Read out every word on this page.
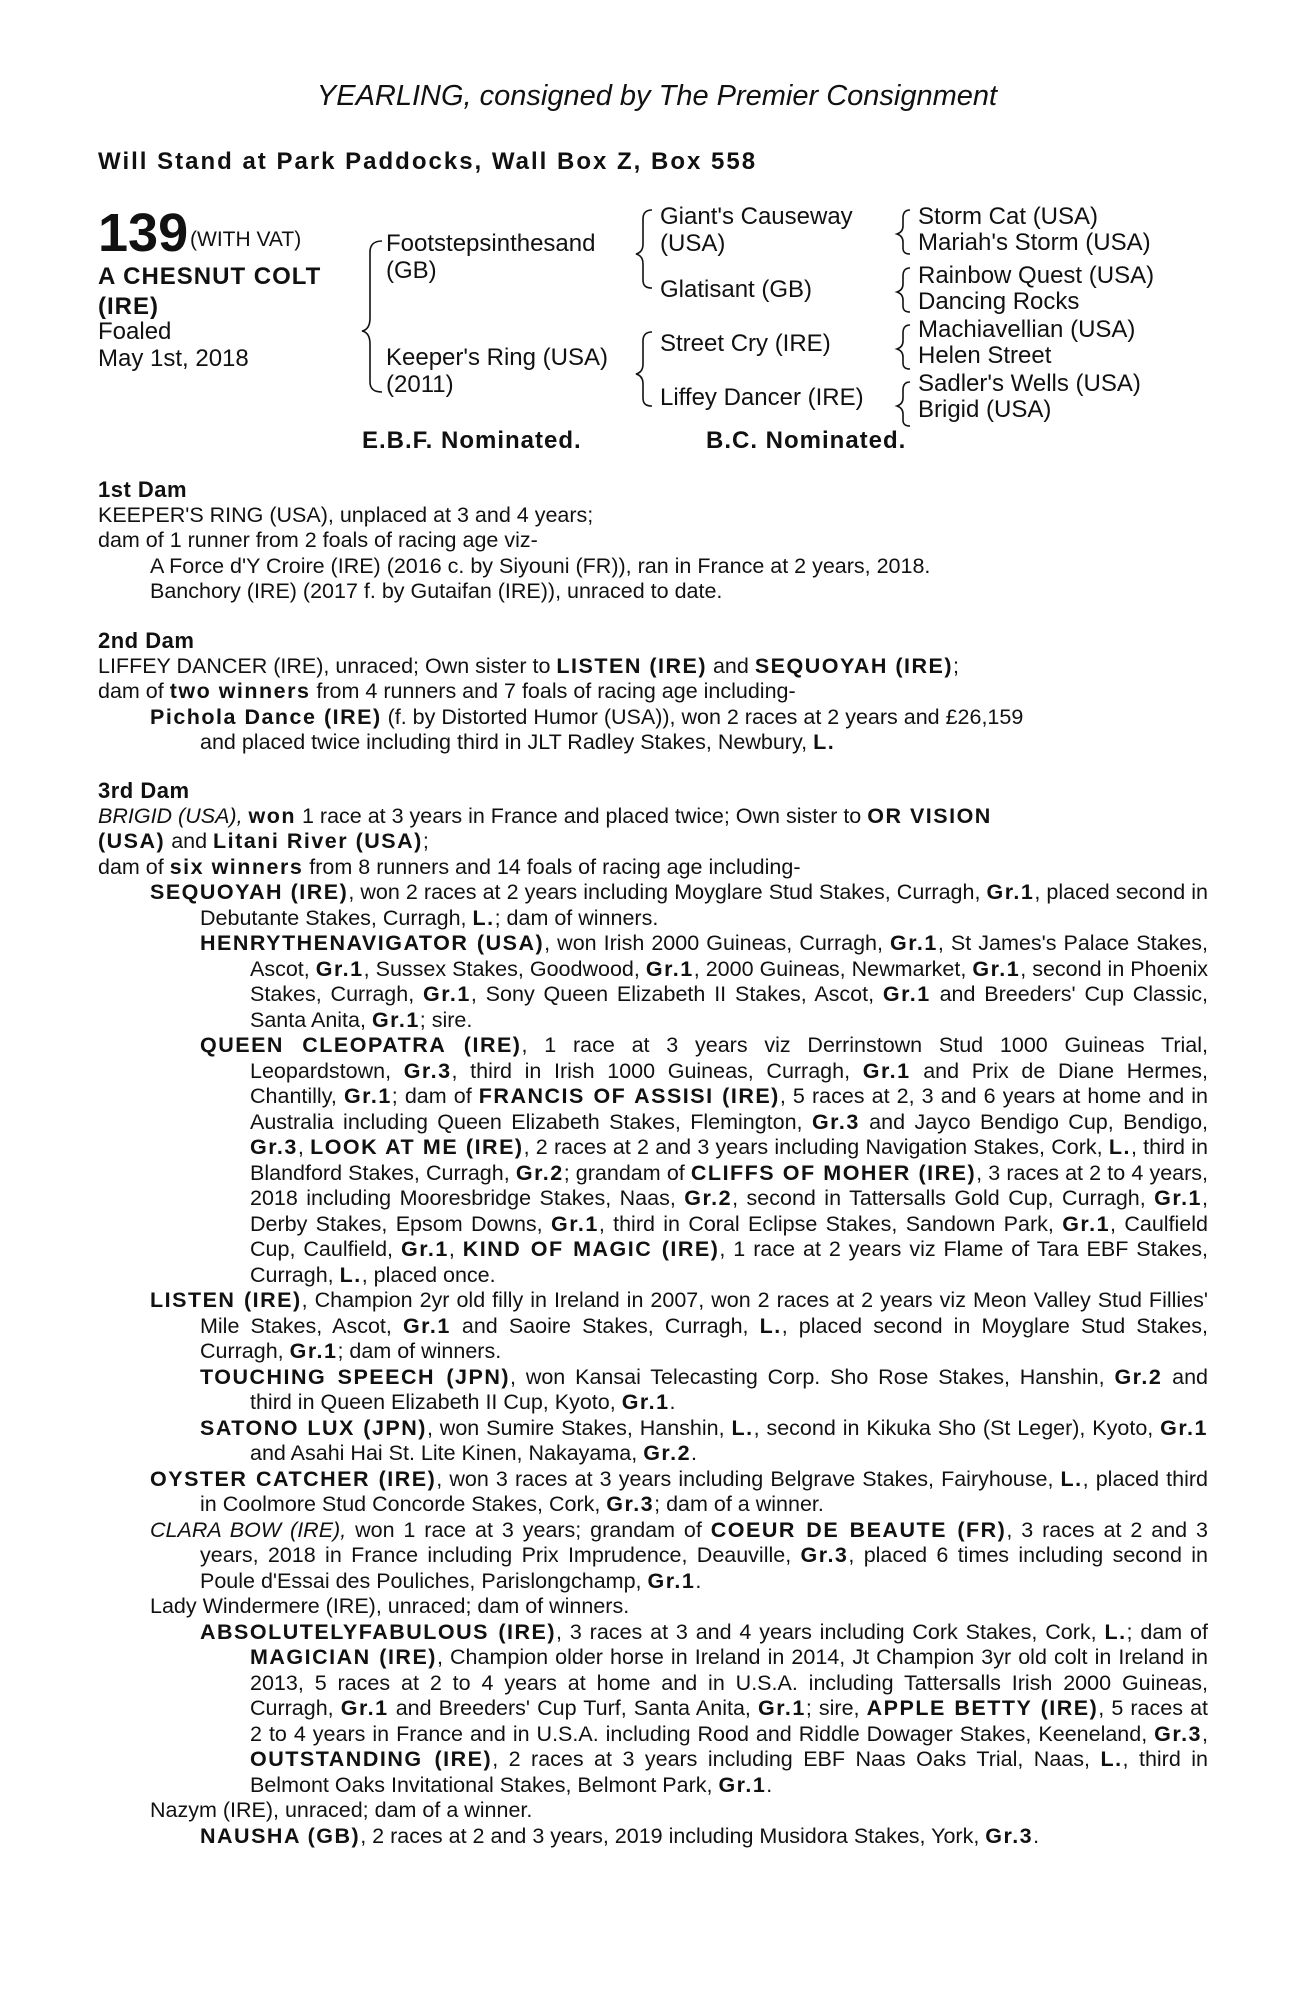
YEARLING, consigned by The Premier Consignment
Will Stand at Park Paddocks, Wall Box Z, Box 558
139 (WITH VAT)
A CHESNUT COLT (IRE)
Foaled
May 1st, 2018
Footstepsinthesand (GB)
Keeper's Ring (USA) (2011)
Giant's Causeway (USA)
Glatisant (GB)
Street Cry (IRE)
Liffey Dancer (IRE)
Storm Cat (USA)
Mariah's Storm (USA)
Rainbow Quest (USA)
Dancing Rocks
Machiavellian (USA)
Helen Street
Sadler's Wells (USA)
Brigid (USA)
E.B.F. Nominated.	B.C. Nominated.
1st Dam

KEEPER'S RING (USA), unplaced at 3 and 4 years;

dam of 1 runner from 2 foals of racing age viz-

A Force d'Y Croire (IRE) (2016 c. by Siyouni (FR)), ran in France at 2 years, 2018.

Banchory (IRE) (2017 f. by Gutaifan (IRE)), unraced to date.

2nd Dam

LIFFEY DANCER (IRE), unraced; Own sister to LISTEN (IRE) and SEQUOYAH (IRE);

dam of two winners from 4 runners and 7 foals of racing age including-

Pichola Dance (IRE) (f. by Distorted Humor (USA)), won 2 races at 2 years and £26,159
and placed twice including third in JLT Radley Stakes, Newbury, L.

3rd Dam

BRIGID (USA), won 1 race at 3 years in France and placed twice; Own sister to OR VISION
(USA) and Litani River (USA);

dam of six winners from 8 runners and 14 foals of racing age including-

SEQUOYAH (IRE), won 2 races at 2 years including Moyglare Stud Stakes, Curragh, Gr.1, placed second in Debutante Stakes, Curragh, L.; dam of winners.

HENRYTHENAVIGATOR (USA), won Irish 2000 Guineas, Curragh, Gr.1, St James's Palace Stakes, Ascot, Gr.1, Sussex Stakes, Goodwood, Gr.1, 2000 Guineas, Newmarket, Gr.1, second in Phoenix Stakes, Curragh, Gr.1, Sony Queen Elizabeth II Stakes, Ascot, Gr.1 and Breeders' Cup Classic, Santa Anita, Gr.1; sire.

QUEEN CLEOPATRA (IRE), 1 race at 3 years viz Derrinstown Stud 1000 Guineas Trial, Leopardstown, Gr.3, third in Irish 1000 Guineas, Curragh, Gr.1 and Prix de Diane Hermes, Chantilly, Gr.1; dam of FRANCIS OF ASSISI (IRE), 5 races at 2, 3 and 6 years at home and in Australia including Queen Elizabeth Stakes, Flemington, Gr.3 and Jayco Bendigo Cup, Bendigo, Gr.3, LOOK AT ME (IRE), 2 races at 2 and 3 years including Navigation Stakes, Cork, L., third in Blandford Stakes, Curragh, Gr.2; grandam of CLIFFS OF MOHER (IRE), 3 races at 2 to 4 years, 2018 including Mooresbridge Stakes, Naas, Gr.2, second in Tattersalls Gold Cup, Curragh, Gr.1, Derby Stakes, Epsom Downs, Gr.1, third in Coral Eclipse Stakes, Sandown Park, Gr.1, Caulfield Cup, Caulfield, Gr.1, KIND OF MAGIC (IRE), 1 race at 2 years viz Flame of Tara EBF Stakes, Curragh, L., placed once.

LISTEN (IRE), Champion 2yr old filly in Ireland in 2007, won 2 races at 2 years viz Meon Valley Stud Fillies' Mile Stakes, Ascot, Gr.1 and Saoire Stakes, Curragh, L., placed second in Moyglare Stud Stakes, Curragh, Gr.1; dam of winners.

TOUCHING SPEECH (JPN), won Kansai Telecasting Corp. Sho Rose Stakes, Hanshin, Gr.2 and third in Queen Elizabeth II Cup, Kyoto, Gr.1.

SATONO LUX (JPN), won Sumire Stakes, Hanshin, L., second in Kikuka Sho (St Leger), Kyoto, Gr.1 and Asahi Hai St. Lite Kinen, Nakayama, Gr.2.

OYSTER CATCHER (IRE), won 3 races at 3 years including Belgrave Stakes, Fairyhouse, L., placed third in Coolmore Stud Concorde Stakes, Cork, Gr.3; dam of a winner.

CLARA BOW (IRE), won 1 race at 3 years; grandam of COEUR DE BEAUTE (FR), 3 races at 2 and 3 years, 2018 in France including Prix Imprudence, Deauville, Gr.3, placed 6 times including second in Poule d'Essai des Pouliches, Parislongchamp, Gr.1.

Lady Windermere (IRE), unraced; dam of winners.

ABSOLUTELYFABULOUS (IRE), 3 races at 3 and 4 years including Cork Stakes, Cork, L.; dam of MAGICIAN (IRE), Champion older horse in Ireland in 2014, Jt Champion 3yr old colt in Ireland in 2013, 5 races at 2 to 4 years at home and in U.S.A. including Tattersalls Irish 2000 Guineas, Curragh, Gr.1 and Breeders' Cup Turf, Santa Anita, Gr.1; sire, APPLE BETTY (IRE), 5 races at 2 to 4 years in France and in U.S.A. including Rood and Riddle Dowager Stakes, Keeneland, Gr.3, OUTSTANDING (IRE), 2 races at 3 years including EBF Naas Oaks Trial, Naas, L., third in Belmont Oaks Invitational Stakes, Belmont Park, Gr.1.

Nazym (IRE), unraced; dam of a winner.

NAUSHA (GB), 2 races at 2 and 3 years, 2019 including Musidora Stakes, York, Gr.3.
